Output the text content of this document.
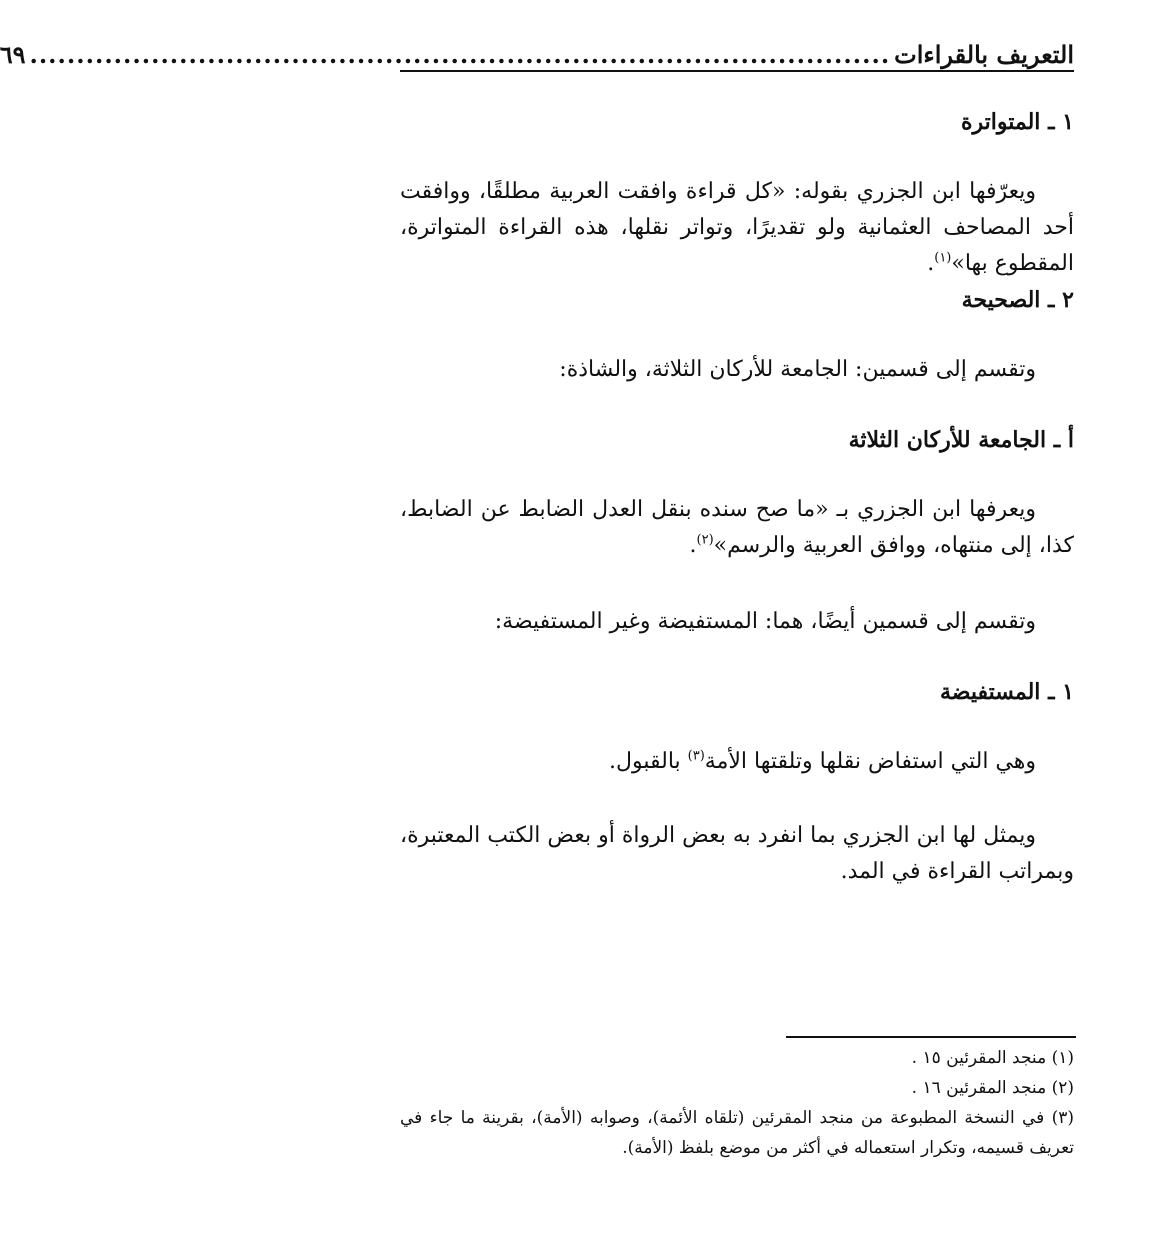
التعريف بالقراءات
............................................................................................
٦٩
١ ـ المتواترة
ويعرّفها ابن الجزري بقوله: «كل قراءة وافقت العربية مطلقًا، ووافقت أحد المصاحف العثمانية ولو تقديرًا، وتواتر نقلها، هذه القراءة المتواترة، المقطوع بها»$^{(١)}$.
٢ ـ الصحيحة
وتقسم إلى قسمين: الجامعة للأركان الثلاثة، والشاذة:
أ ـ الجامعة للأركان الثلاثة
ويعرفها ابن الجزري بـ «ما صح سنده بنقل العدل الضابط عن الضابط، كذا، إلى منتهاه، ووافق العربية والرسم»$^{(٢)}$.
وتقسم إلى قسمين أيضًا، هما: المستفيضة وغير المستفيضة:
١ ـ المستفيضة
وهي التي استفاض نقلها وتلقتها الأمة$^{(٣)}$ بالقبول.
ويمثل لها ابن الجزري بما انفرد به بعض الرواة أو بعض الكتب المعتبرة، وبمراتب القراءة في المد.

(١) منجد المقرئين ١٥ .

(٢) منجد المقرئين ١٦ .

(٣) في النسخة المطبوعة من منجد المقرئين (تلقاه الأئمة)، وصوابه (الأمة)، بقرينة ما جاء في تعريف قسيمه، وتكرار استعماله في أكثر من موضع بلفظ (الأمة).
